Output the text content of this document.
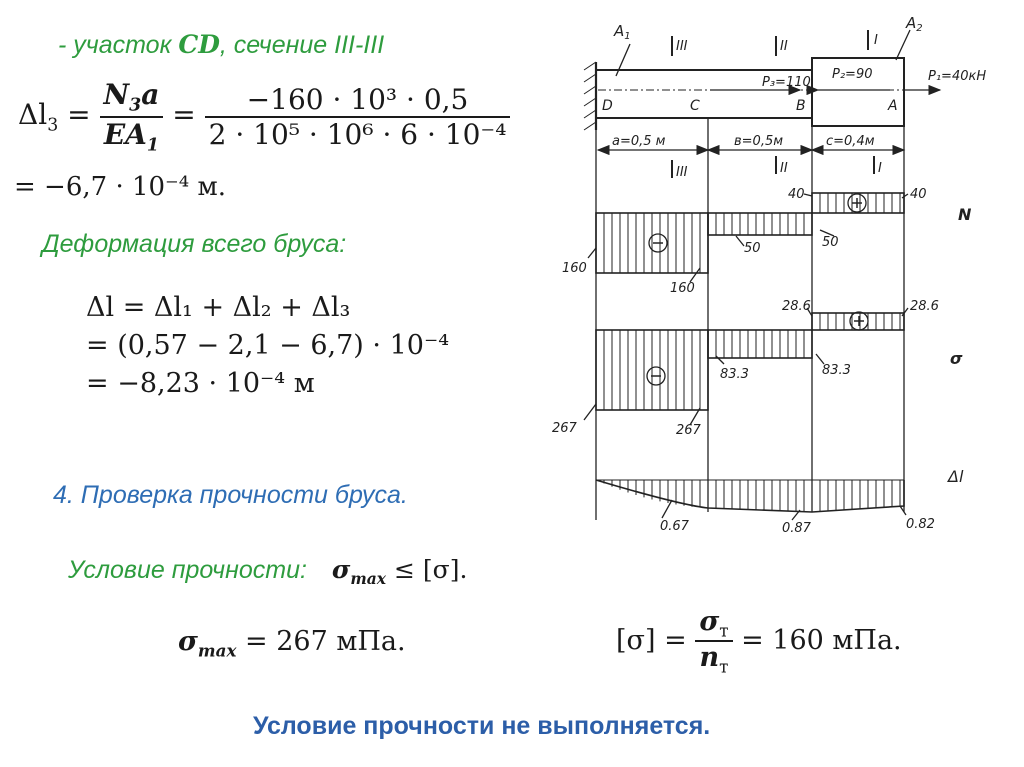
- участок CD, сечение III-III
$\Delta l_3 = \frac{N_3a}{EA_1} = \frac{\text{−160 · 10³ · 0,5}}{\text{2 · 10⁵ · 10⁶ · 6 · 10⁻⁴}}$
= −6,7 · 10⁻⁴ м.
Деформация всего бруса:
Δl = Δl₁ + Δl₂ + Δl₃
= (0,57 − 2,1 − 6,7) · 10⁻⁴
= −8,23 · 10⁻⁴ м
4. Проверка прочности бруса.
Условие прочности: $\sigma_{max} \le [\sigma]$.
$\sigma_{max} = 267$ мПа.	$[\sigma] = \frac{\sigma_т}{n_т} = 160$ мПа.
Условие прочности не выполняется.
$A_1$
$A_2$
III	II	I
D	C	B	A
P₃=110
P₂=90	P₁=40кН
a=0,5 м	в=0,5м	c=0,4м
III	II	I
N
σ
Δl
40	40
50	50
160
160
28.6	28.6
83.3	83.3
267	267
0.67	0.87	0.82
